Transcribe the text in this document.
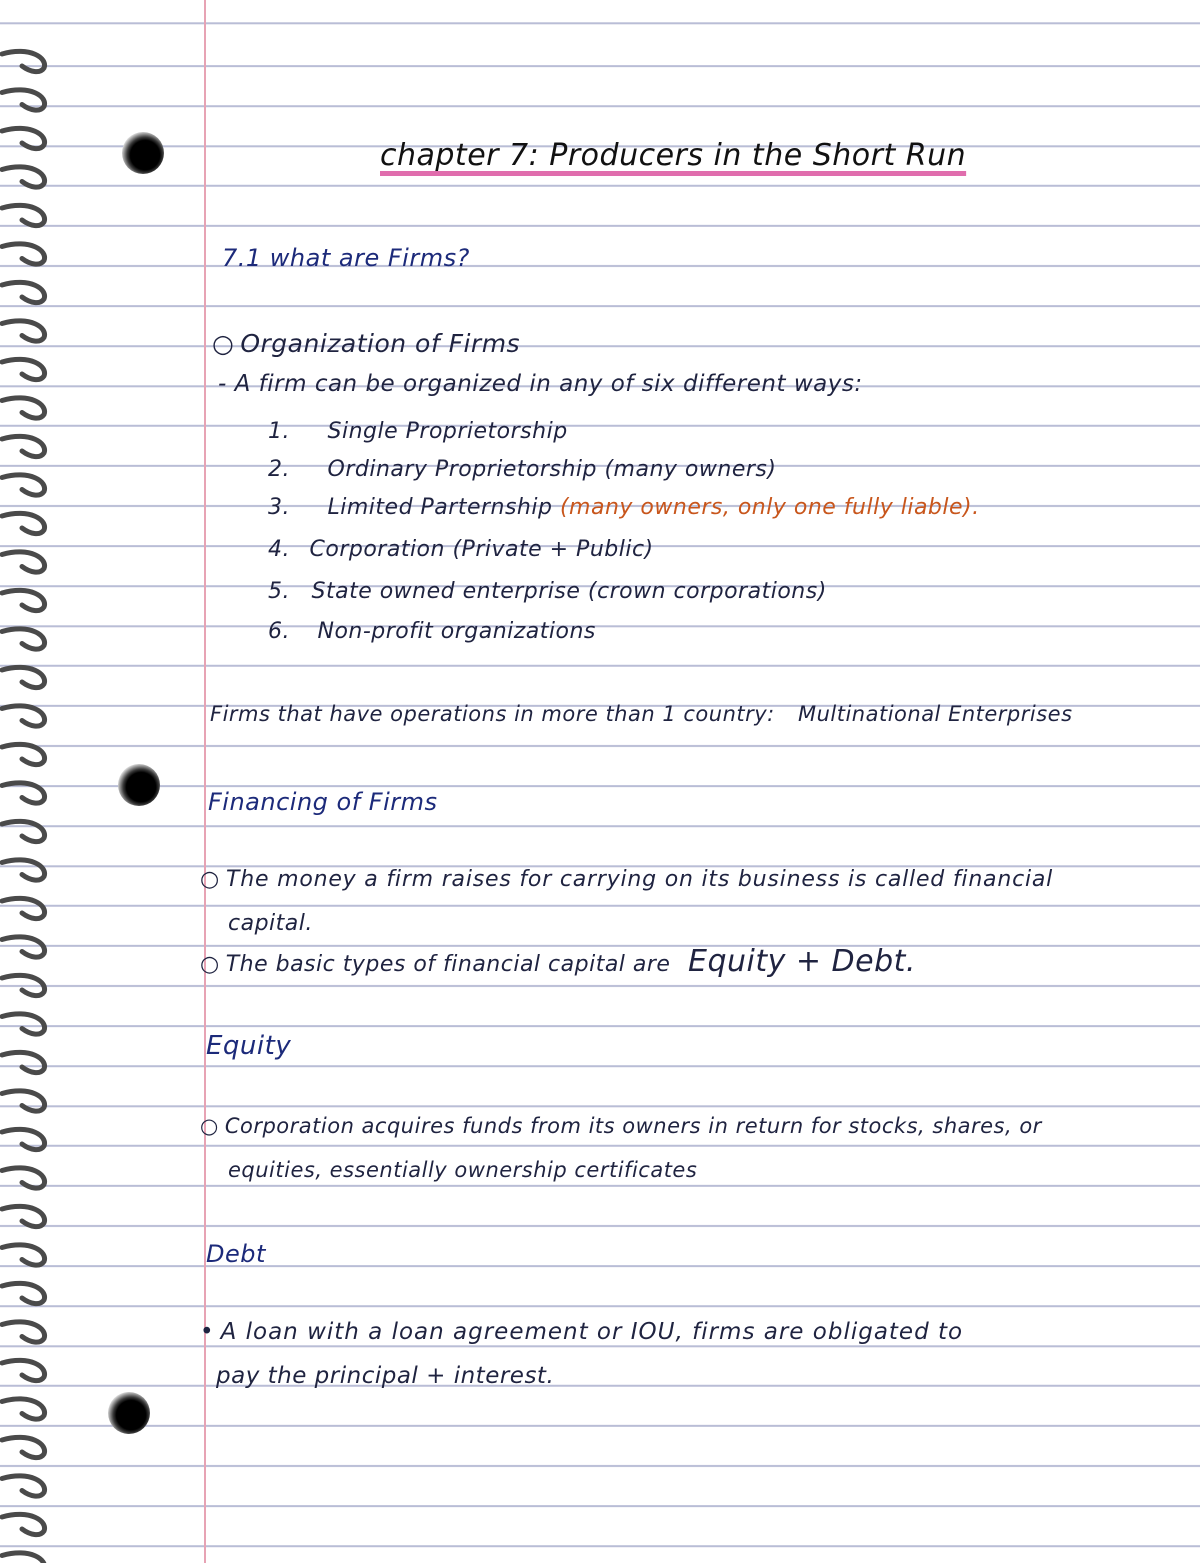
chapter 7: Producers in the Short Run

7.1 what are Firms?

○ Organization of Firms

- A firm can be organized in any of six different ways:

1. Single Proprietorship

2. Ordinary Proprietorship (many owners)

3. Limited Parternship (many owners, only one fully liable).

4. Corporation (Private + Public)

5. State owned enterprise (crown corporations)

6. Non-profit organizations

Firms that have operations in more than 1 country: Multinational Enterprises

Financing of Firms

○ The money a firm raises for carrying on its business is called financial

capital.

○ The basic types of financial capital are Equity + Debt.

Equity

○ Corporation acquires funds from its owners in return for stocks, shares, or

equities, essentially ownership certificates

Debt

• A loan with a loan agreement or IOU, firms are obligated to

pay the principal + interest.
